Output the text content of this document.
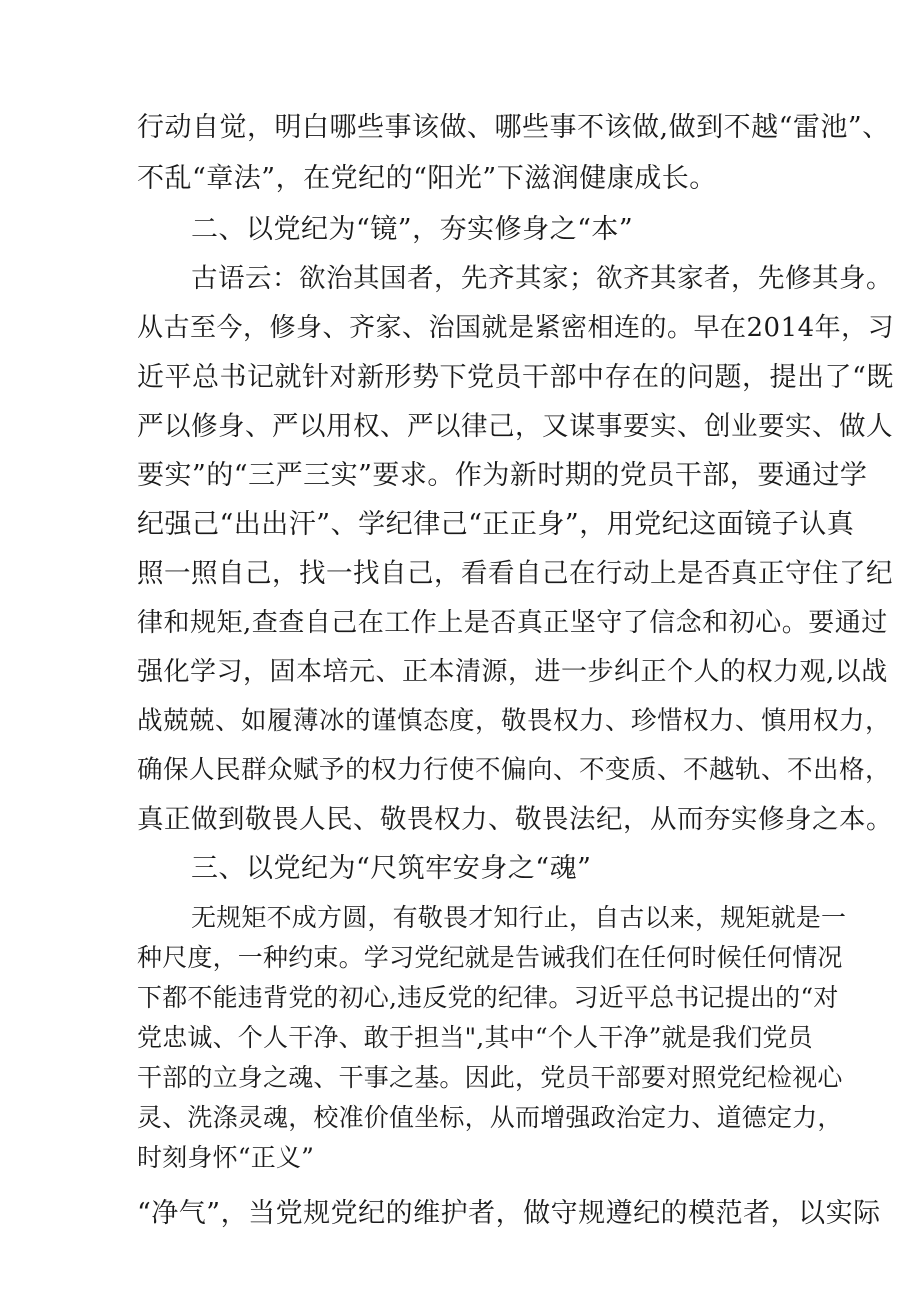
行动自觉，明白哪些事该做、哪些事不该做,做到不越“雷池”、
不乱“章法”，在党纪的“阳光”下滋润健康成长。
二、以党纪为“镜”，夯实修身之“本”
古语云：欲治其国者，先齐其家；欲齐其家者，先修其身。
从古至今，修身、齐家、治国就是紧密相连的。早在2014年，习
近平总书记就针对新形势下党员干部中存在的问题，提出了“既
严以修身、严以用权、严以律己，又谋事要实、创业要实、做人
要实”的“三严三实”要求。作为新时期的党员干部，要通过学
纪强己“出出汗”、学纪律己“正正身”，用党纪这面镜子认真
照一照自己，找一找自己，看看自己在行动上是否真正守住了纪
律和规矩,查查自己在工作上是否真正坚守了信念和初心。要通过
强化学习，固本培元、正本清源，进一步纠正个人的权力观,以战
战兢兢、如履薄冰的谨慎态度，敬畏权力、珍惜权力、慎用权力，
确保人民群众赋予的权力行使不偏向、不变质、不越轨、不出格，
真正做到敬畏人民、敬畏权力、敬畏法纪，从而夯实修身之本。
三、以党纪为“尺筑牢安身之“魂”
无规矩不成方圆，有敬畏才知行止，自古以来，规矩就是一
种尺度，一种约束。学习党纪就是告诫我们在任何时候任何情况
下都不能违背党的初心,违反党的纪律。习近平总书记提出的“对
党忠诚、个人干净、敢于担当",其中“个人干净”就是我们党员
干部的立身之魂、干事之基。因此，党员干部要对照党纪检视心
灵、洗涤灵魂，校准价值坐标，从而增强政治定力、道德定力，
时刻身怀“正义”
“净气”，当党规党纪的维护者，做守规遵纪的模范者，以实际
